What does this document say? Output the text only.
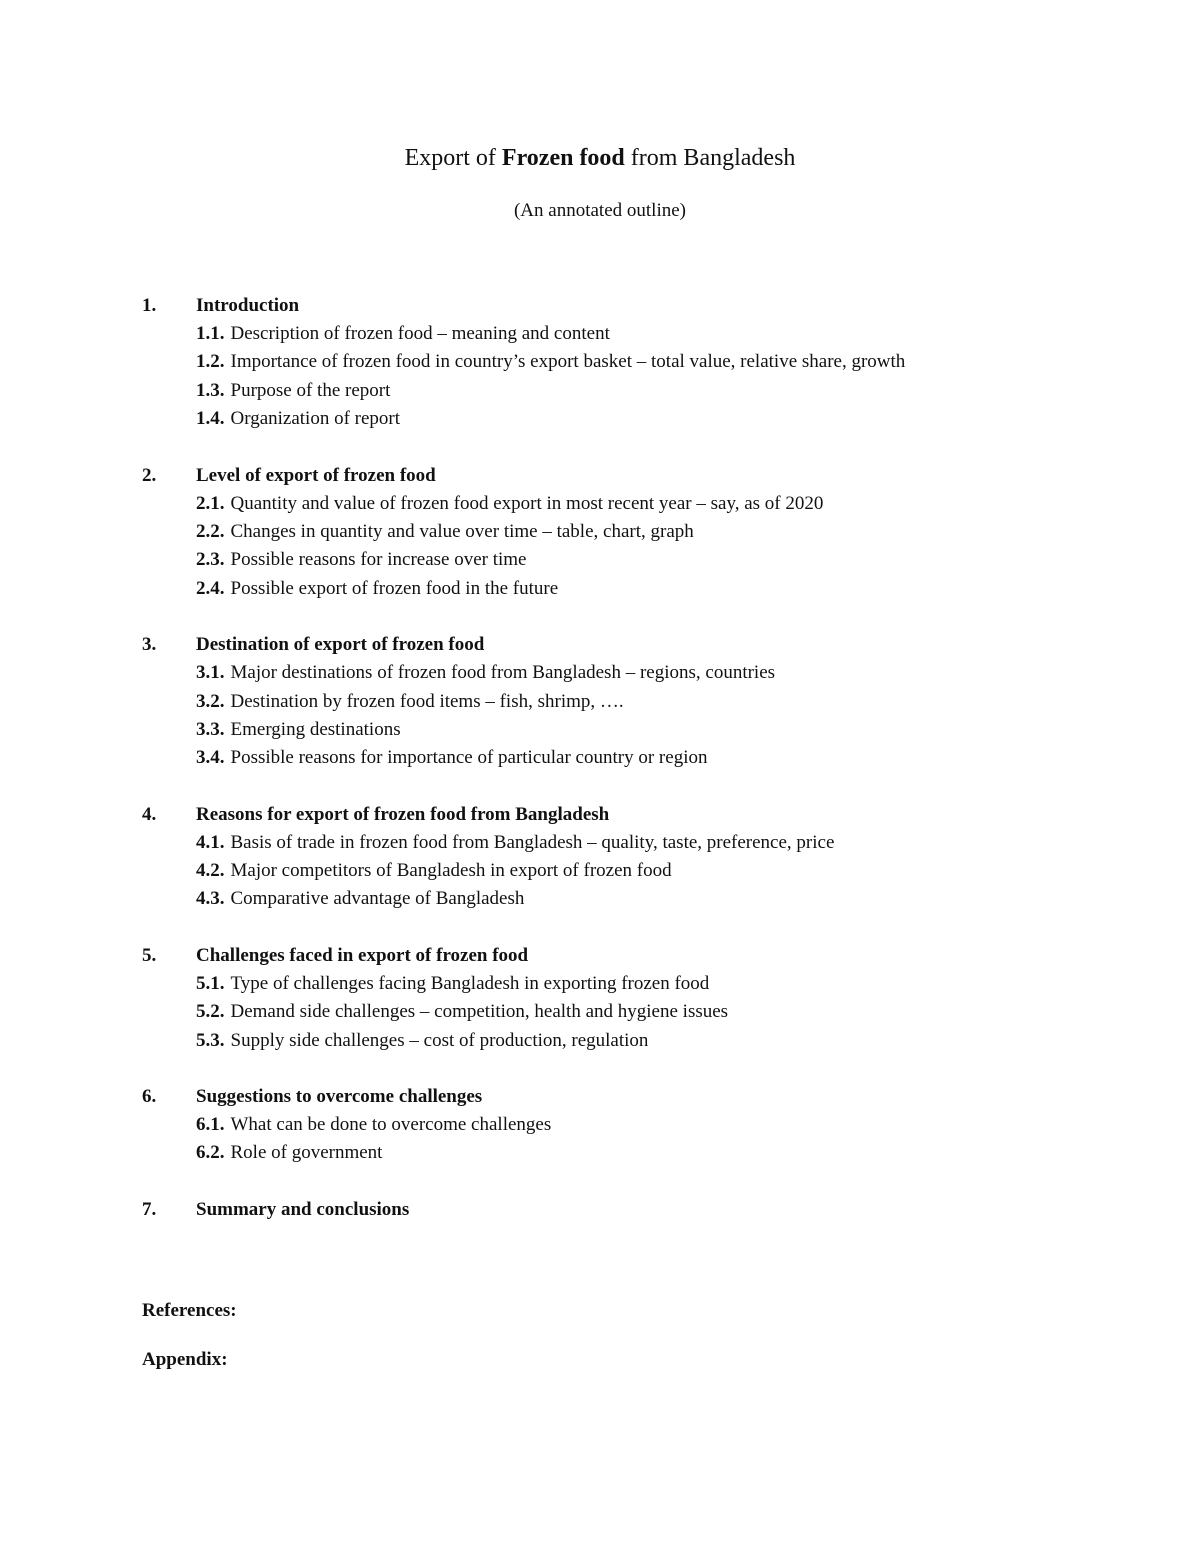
Export of Frozen food from Bangladesh
(An annotated outline)
1. Introduction
1.1. Description of frozen food – meaning and content
1.2. Importance of frozen food in country’s export basket – total value, relative share, growth
1.3. Purpose of the report
1.4. Organization of report
2. Level of export of frozen food
2.1. Quantity and value of frozen food export in most recent year – say, as of 2020
2.2. Changes in quantity and value over time – table, chart, graph
2.3. Possible reasons for increase over time
2.4. Possible export of frozen food in the future
3. Destination of export of frozen food
3.1. Major destinations of frozen food from Bangladesh – regions, countries
3.2. Destination by frozen food items – fish, shrimp, ….
3.3. Emerging destinations
3.4. Possible reasons for importance of particular country or region
4. Reasons for export of frozen food from Bangladesh
4.1. Basis of trade in frozen food from Bangladesh – quality, taste, preference, price
4.2. Major competitors of Bangladesh in export of frozen food
4.3. Comparative advantage of Bangladesh
5. Challenges faced in export of frozen food
5.1. Type of challenges facing Bangladesh in exporting frozen food
5.2. Demand side challenges – competition, health and hygiene issues
5.3. Supply side challenges – cost of production, regulation
6. Suggestions to overcome challenges
6.1. What can be done to overcome challenges
6.2. Role of government
7. Summary and conclusions
References:
Appendix:
